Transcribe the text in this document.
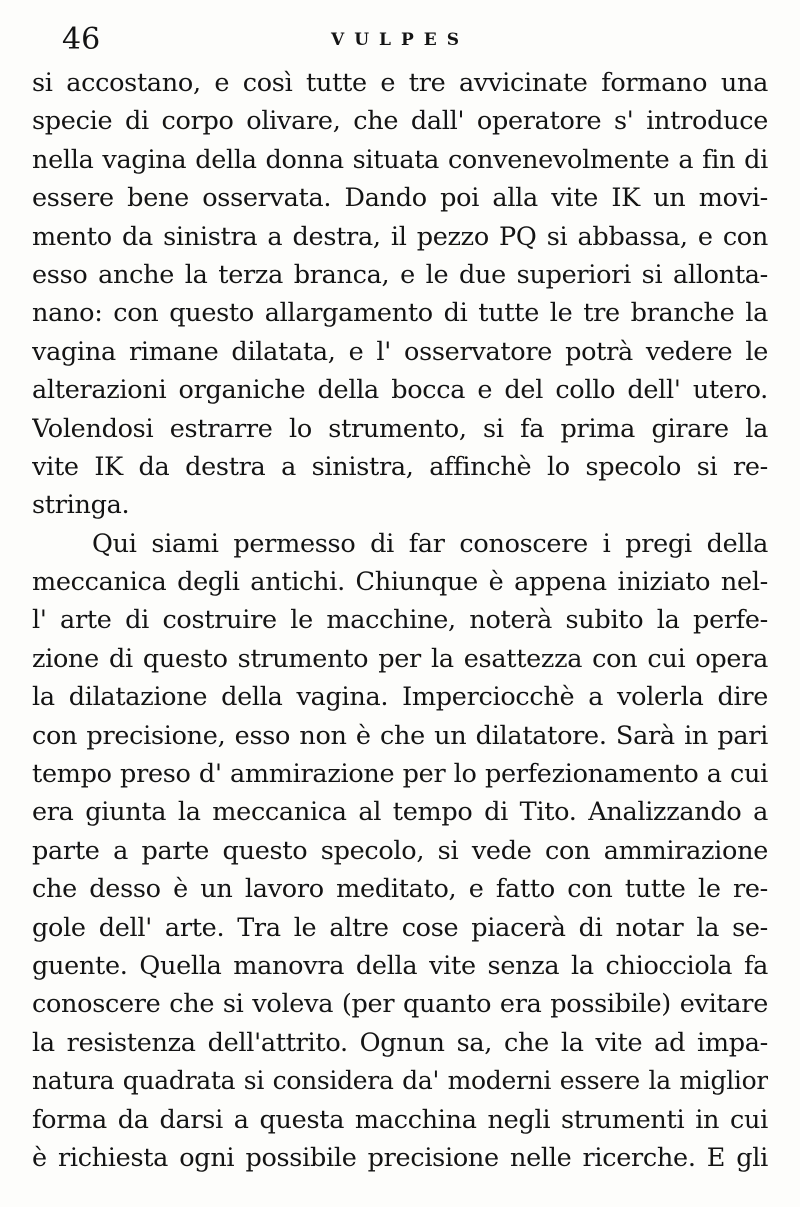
46	VULPES
si accostano, e così tutte e tre avvicinate formano una
specie di corpo olivare, che dall' operatore s' introduce
nella vagina della donna situata convenevolmente a fin di
essere bene osservata. Dando poi alla vite IK un movi-
mento da sinistra a destra, il pezzo PQ si abbassa, e con
esso anche la terza branca, e le due superiori si allonta-
nano: con questo allargamento di tutte le tre branche la
vagina rimane dilatata, e l' osservatore potrà vedere le
alterazioni organiche della bocca e del collo dell' utero.
Volendosi estrarre lo strumento, si fa prima girare la
vite IK da destra a sinistra, affinchè lo specolo si re-
stringa.
Qui siami permesso di far conoscere i pregi della
meccanica degli antichi. Chiunque è appena iniziato nel-
l' arte di costruire le macchine, noterà subito la perfe-
zione di questo strumento per la esattezza con cui opera
la dilatazione della vagina. Imperciocchè a volerla dire
con precisione, esso non è che un dilatatore. Sarà in pari
tempo preso d' ammirazione per lo perfezionamento a cui
era giunta la meccanica al tempo di Tito. Analizzando a
parte a parte questo specolo, si vede con ammirazione
che desso è un lavoro meditato, e fatto con tutte le re-
gole dell' arte. Tra le altre cose piacerà di notar la se-
guente. Quella manovra della vite senza la chiocciola fa
conoscere che si voleva (per quanto era possibile) evitare
la resistenza dell'attrito. Ognun sa, che la vite ad impa-
natura quadrata si considera da' moderni essere la miglior
forma da darsi a questa macchina negli strumenti in cui
è richiesta ogni possibile precisione nelle ricerche. E gli
